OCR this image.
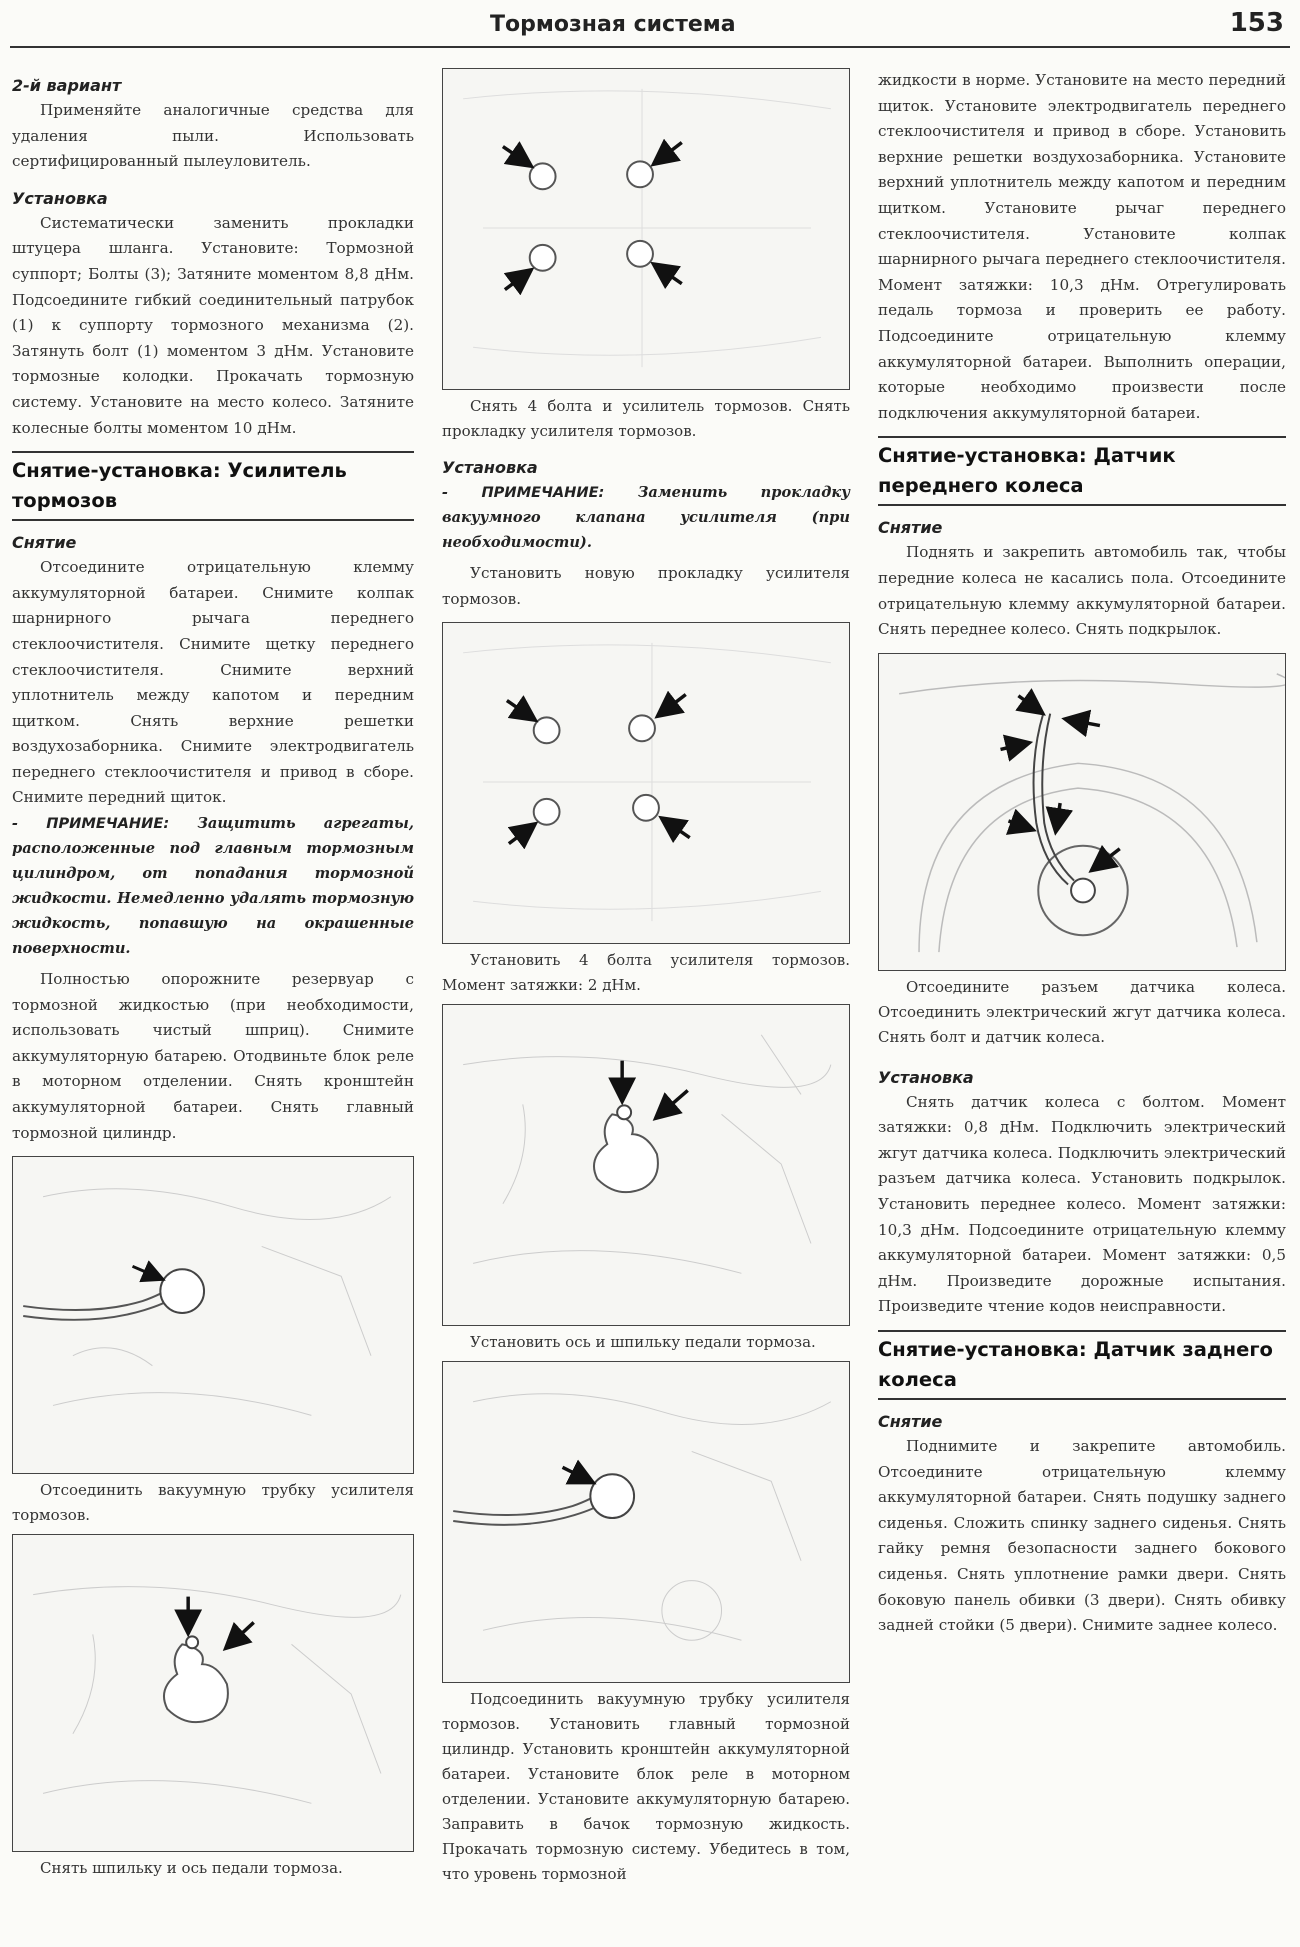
Тормозная система	153
2-й вариант

Применяйте аналогичные средства для удаления пыли. Использовать сертифицированный пылеуловитель.

Установка

Систематически заменить прокладки штуцера шланга. Установите: Тормозной суппорт; Болты (3); Затяните моментом 8,8 дНм. Подсоедините гибкий соединительный патрубок (1) к суппорту тормозного механизма (2). Затянуть болт (1) моментом 3 дНм. Установите тормозные колодки. Прокачать тормозную систему. Установите на место колесо. Затяните колесные болты моментом 10 дНм.

Снятие-установка: Усилитель тормозов
Снятие

Отсоедините отрицательную клемму аккумуляторной батареи. Снимите колпак шарнирного рычага переднего стеклоочистителя. Снимите щетку переднего стеклоочистителя. Снимите верхний уплотнитель между капотом и передним щитком. Снять верхние решетки воздухозаборника. Снимите электродвигатель переднего стеклоочистителя и привод в сборе. Снимите передний щиток.

- ПРИМЕЧАНИЕ: Защитить агрегаты, расположенные под главным тормозным цилиндром, от попадания тормозной жидкости. Немедленно удалять тормозную жидкость, попавшую на окрашенные поверхности.

Полностью опорожните резервуар с тормозной жидкостью (при необходимости, использовать чистый шприц). Снимите аккумуляторную батарею. Отодвиньте блок реле в моторном отделении. Снять кронштейн аккумуляторной батареи. Снять главный тормозной цилиндр.

Отсоединить вакуумную трубку усилителя тормозов.

Снять шпильку и ось педали тормоза.

Снять 4 болта и усилитель тормозов. Снять прокладку усилителя тормозов.

Установка
- ПРИМЕЧАНИЕ: Заменить прокладку вакуумного клапана усилителя (при необходимости).

Установить новую прокладку усилителя тормозов.

Установить 4 болта усилителя тормозов. Момент затяжки: 2 дНм.

Установить ось и шпильку педали тормоза.

Подсоединить вакуумную трубку усилителя тормозов. Установить главный тормозной цилиндр. Установить кронштейн аккумуляторной батареи. Установите блок реле в моторном отделении. Установите аккумуляторную батарею. Заправить в бачок тормозную жидкость. Прокачать тормозную систему. Убедитесь в том, что уровень тормозной

жидкости в норме. Установите на место передний щиток. Установите электродвигатель переднего стеклоочистителя и привод в сборе. Установить верхние решетки воздухозаборника. Установите верхний уплотнитель между капотом и передним щитком. Установите рычаг переднего стеклоочистителя. Установите колпак шарнирного рычага переднего стеклоочистителя. Момент затяжки: 10,3 дНм. Отрегулировать педаль тормоза и проверить ее работу. Подсоедините отрицательную клемму аккумуляторной батареи. Выполнить операции, которые необходимо произвести после подключения аккумуляторной батареи.

Снятие-установка: Датчик переднего колеса
Снятие

Поднять и закрепить автомобиль так, чтобы передние колеса не касались пола. Отсоедините отрицательную клемму аккумуляторной батареи. Снять переднее колесо. Снять подкрылок.

Отсоедините разъем датчика колеса. Отсоединить электрический жгут датчика колеса. Снять болт и датчик колеса.

Установка

Снять датчик колеса с болтом. Момент затяжки: 0,8 дНм. Подключить электрический жгут датчика колеса. Подключить электрический разъем датчика колеса. Установить подкрылок. Установить переднее колесо. Момент затяжки: 10,3 дНм. Подсоедините отрицательную клемму аккумуляторной батареи. Момент затяжки: 0,5 дНм. Произведите дорожные испытания. Произведите чтение кодов неисправности.

Снятие-установка: Датчик заднего колеса
Снятие

Поднимите и закрепите автомобиль. Отсоедините отрицательную клемму аккумуляторной батареи. Снять подушку заднего сиденья. Сложить спинку заднего сиденья. Снять гайку ремня безопасности заднего бокового сиденья. Снять уплотнение рамки двери. Снять боковую панель обивки (3 двери). Снять обивку задней стойки (5 двери). Снимите заднее колесо.
